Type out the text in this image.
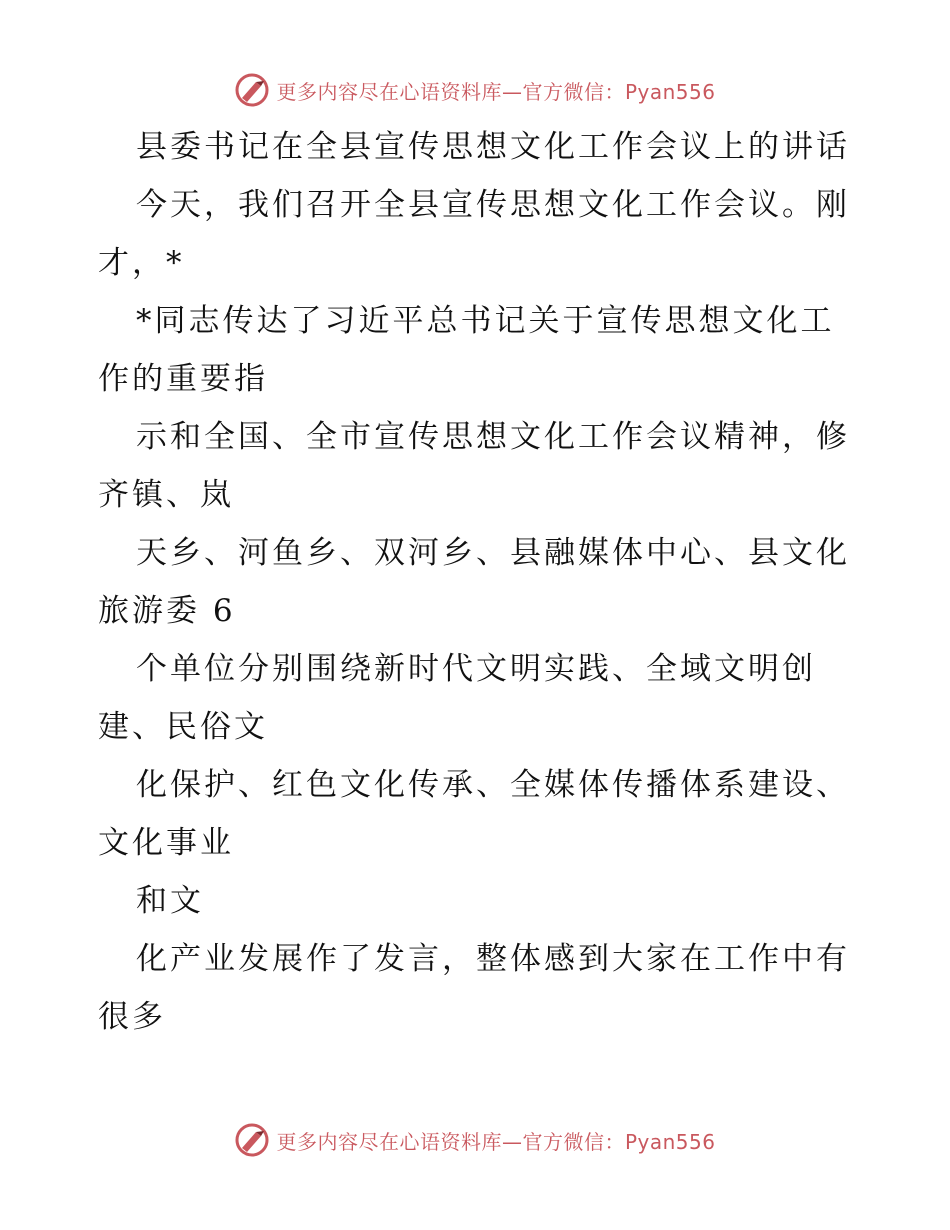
更多内容尽在心语资料库—官方微信：Pyan556
县委书记在全县宣传思想文化工作会议上的讲话
今天，我们召开全县宣传思想文化工作会议。刚
才，*
*同志传达了习近平总书记关于宣传思想文化工
作的重要指
示和全国、全市宣传思想文化工作会议精神，修
齐镇、岚
天乡、河鱼乡、双河乡、县融媒体中心、县文化
旅游委 6
个单位分别围绕新时代文明实践、全域文明创
建、民俗文
化保护、红色文化传承、全媒体传播体系建设、
文化事业
和文
化产业发展作了发言，整体感到大家在工作中有
很多
更多内容尽在心语资料库—官方微信：Pyan556
